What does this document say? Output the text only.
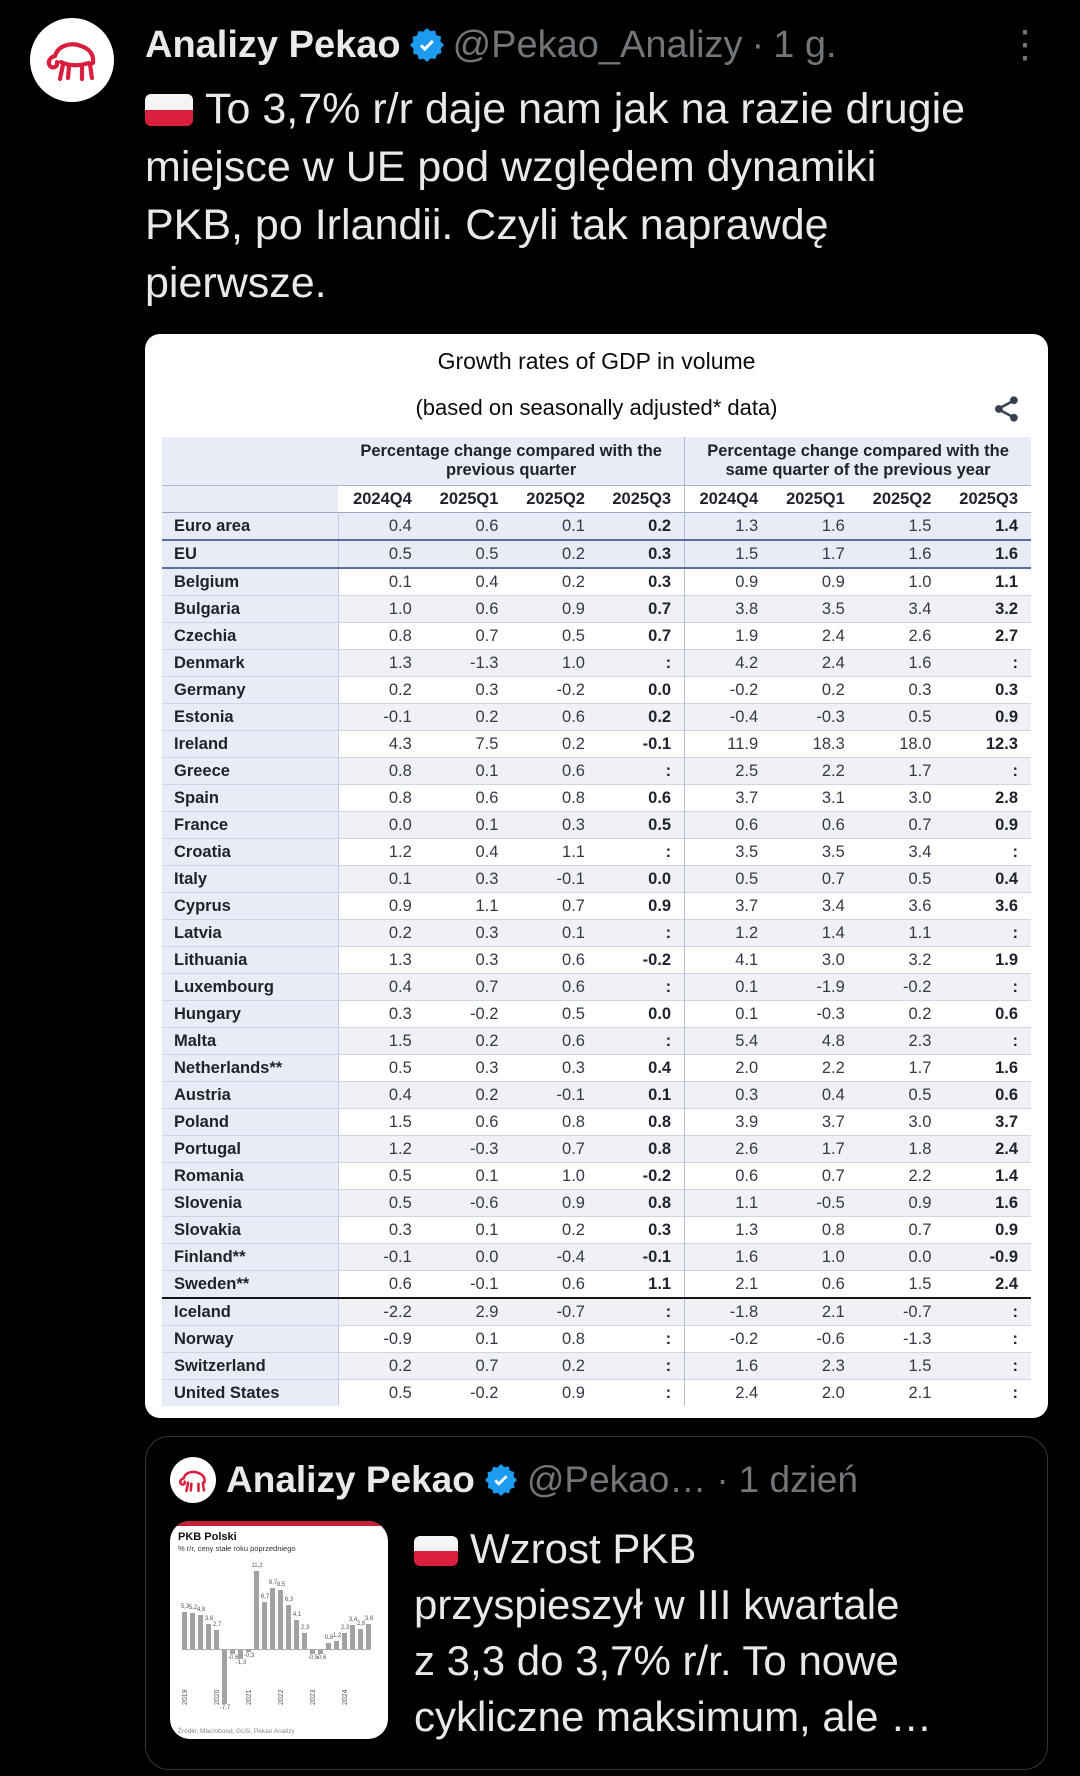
Analizy Pekao @Pekao_Analizy · 1 g.	⋮
To 3,7% r/r daje nam jak na razie drugie
miejsce w UE pod względem dynamiki
PKB, po Irlandii. Czyli tak naprawdę
pierwsze.
Growth rates of GDP in volume
(based on seasonally adjusted* data)
	Percentage change compared with the previous quarter				Percentage change compared with the same quarter of the previous year			
	2024Q4	2025Q1	2025Q2	2025Q3	2024Q4	2025Q1	2025Q2	2025Q3
Euro area	0.4	0.6	0.1	0.2	1.3	1.6	1.5	1.4
EU	0.5	0.5	0.2	0.3	1.5	1.7	1.6	1.6
Belgium	0.1	0.4	0.2	0.3	0.9	0.9	1.0	1.1
Bulgaria	1.0	0.6	0.9	0.7	3.8	3.5	3.4	3.2
Czechia	0.8	0.7	0.5	0.7	1.9	2.4	2.6	2.7
Denmark	1.3	-1.3	1.0	:	4.2	2.4	1.6	:
Germany	0.2	0.3	-0.2	0.0	-0.2	0.2	0.3	0.3
Estonia	-0.1	0.2	0.6	0.2	-0.4	-0.3	0.5	0.9
Ireland	4.3	7.5	0.2	-0.1	11.9	18.3	18.0	12.3
Greece	0.8	0.1	0.6	:	2.5	2.2	1.7	:
Spain	0.8	0.6	0.8	0.6	3.7	3.1	3.0	2.8
France	0.0	0.1	0.3	0.5	0.6	0.6	0.7	0.9
Croatia	1.2	0.4	1.1	:	3.5	3.5	3.4	:
Italy	0.1	0.3	-0.1	0.0	0.5	0.7	0.5	0.4
Cyprus	0.9	1.1	0.7	0.9	3.7	3.4	3.6	3.6
Latvia	0.2	0.3	0.1	:	1.2	1.4	1.1	:
Lithuania	1.3	0.3	0.6	-0.2	4.1	3.0	3.2	1.9
Luxembourg	0.4	0.7	0.6	:	0.1	-1.9	-0.2	:
Hungary	0.3	-0.2	0.5	0.0	0.1	-0.3	0.2	0.6
Malta	1.5	0.2	0.6	:	5.4	4.8	2.3	:
Netherlands**	0.5	0.3	0.3	0.4	2.0	2.2	1.7	1.6
Austria	0.4	0.2	-0.1	0.1	0.3	0.4	0.5	0.6
Poland	1.5	0.6	0.8	0.8	3.9	3.7	3.0	3.7
Portugal	1.2	-0.3	0.7	0.8	2.6	1.7	1.8	2.4
Romania	0.5	0.1	1.0	-0.2	0.6	0.7	2.2	1.4
Slovenia	0.5	-0.6	0.9	0.8	1.1	-0.5	0.9	1.6
Slovakia	0.3	0.1	0.2	0.3	1.3	0.8	0.7	0.9
Finland**	-0.1	0.0	-0.4	-0.1	1.6	1.0	0.0	-0.9
Sweden**	0.6	-0.1	0.6	1.1	2.1	0.6	1.5	2.4
Iceland	-2.2	2.9	-0.7	:	-1.8	2.1	-0.7	:
Norway	-0.9	0.1	0.8	:	-0.2	-0.6	-1.3	:
Switzerland	0.2	0.7	0.2	:	1.6	2.3	1.5	:
United States	0.5	-0.2	0.9	:	2.4	2.0	2.1	:
Analizy Pekao @Pekao… · 1 dzień
PKB Polski
% r/r, ceny stałe roku poprzedniego
5,3 5,2 4,8
3,6
2,7
-7,7
-0,6
-1,3
-0,3
11,2
6,7
8,7 8,5
6,3
4,1
2,3
-0,5
-0,6
0,8 1,2
2,3
3,4
2,8
3,6
2019	2020	2021	2022	2023	2024
Źródło: Macrobond, GUS, Pekao Analizy
Wzrost PKB
przyspieszył w III kwartale
z 3,3 do 3,7% r/r. To nowe
cykliczne maksimum, ale …
